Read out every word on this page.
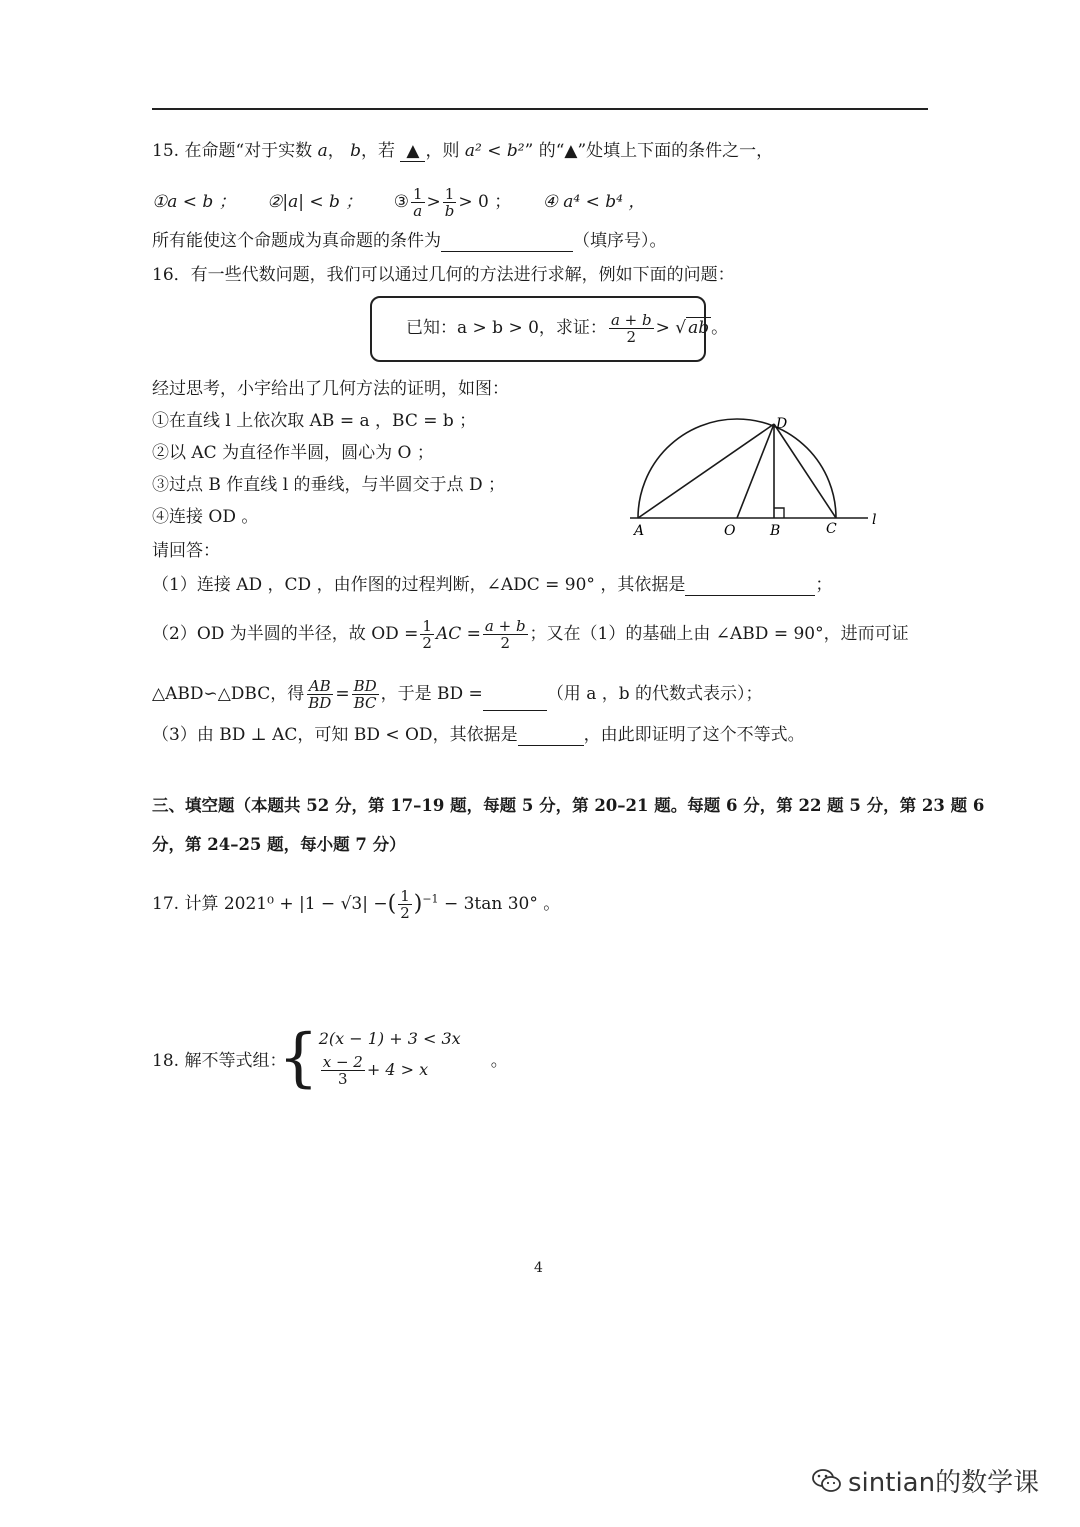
15. 在命题“对于实数 a， b，若 ▲ ，则 a² < b²” 的“▲”处填上下面的条件之一，
①a < b ； ②|a| < b ； ③ $\frac{1}{a} > \frac{1}{b} > 0$ ； ④ a⁴ < b⁴ ，
所有能使这个命题成为真命题的条件为	（填序号）。
16．有一些代数问题，我们可以通过几何的方法进行求解，例如下面的问题：
已知：a > b > 0，求证： $\frac{a + b}{2}$ > √ ab 。
经过思考，小宇给出了几何方法的证明，如图：
①在直线 l 上依次取 AB = a ，BC = b ；
②以 AC 为直径作半圆，圆心为 O ；
③过点 B 作直线 l 的垂线，与半圆交于点 D ；
④连接 OD 。
A	O B	C
D
l
请回答：
（1）连接 AD ，CD ，由作图的过程判断，∠ADC = 90° ，其依据是	；
（2）OD 为半圆的半径，故 OD = $\frac{1}{2}$ AC = $\frac{a + b}{2}$ ；又在（1）的基础上由 ∠ABD = 90°，进而可证
△ABD∽△DBC，得 $\frac{AB}{BD} = \frac{BD}{BC}$ ，于是 BD =	（用 a ，b 的代数式表示）；
（3）由 BD ⊥ AC，可知 BD < OD，其依据是	，由此即证明了这个不等式。
三、填空题（本题共 52 分，第 17–19 题，每题 5 分，第 20–21 题。每题 6 分，第 22 题 5 分，第 23 题 6
分，第 24–25 题，每小题 7 分）
17. 计算 2021⁰ + |1 − √3| −( $\frac{1}{2} )^{-1} - 3\tan$ 30° 。
18. 解不等式组：
{ 2(x − 1) + 3 < 3x
$\frac{x - 2}{3} + 4 > x$	。
4
sintian的数学课
